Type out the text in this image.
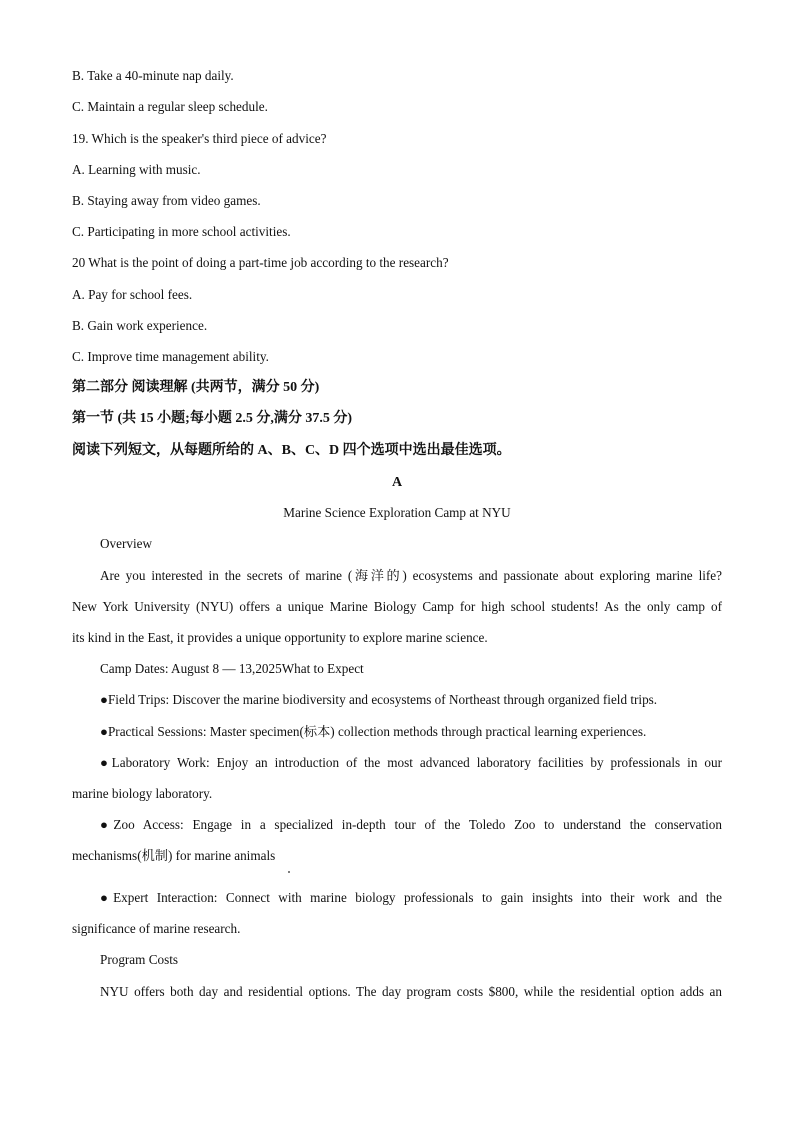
B. Take a 40-minute nap daily.
C. Maintain a regular sleep schedule.
19. Which is the speaker's third piece of advice?
A. Learning with music.
B. Staying away from video games.
C. Participating in more school activities.
20 What is the point of doing a part-time job according to the research?
A. Pay for school fees.
B. Gain work experience.
C. Improve time management ability.
第二部分 阅读理解 (共两节，满分 50 分)
第一节 (共 15 小题;每小题 2.5 分,满分 37.5 分)
阅读下列短文，从每题所给的 A、B、C、D 四个选项中选出最佳选项。
A
Marine Science Exploration Camp at NYU
Overview
Are you interested in the secrets of marine (海洋的) ecosystems and passionate about exploring marine life?
New York University (NYU) offers a unique Marine Biology Camp for high school students! As the only camp of
its kind in the East, it provides a unique opportunity to explore marine science.
Camp Dates: August 8 — 13,2025What to Expect
●Field Trips: Discover the marine biodiversity and ecosystems of Northeast through organized field trips.
●Practical Sessions: Master specimen(标本) collection methods through practical learning experiences.
●Laboratory Work: Enjoy an introduction of the most advanced laboratory facilities by professionals in our
marine biology laboratory.
●Zoo Access: Engage in a specialized in-depth tour of the Toledo Zoo to understand the conservation
mechanisms(机制) for marine animals
●Expert Interaction: Connect with marine biology professionals to gain insights into their work and the
significance of marine research.
Program Costs
NYU offers both day and residential options. The day program costs $800, while the residential option adds an
